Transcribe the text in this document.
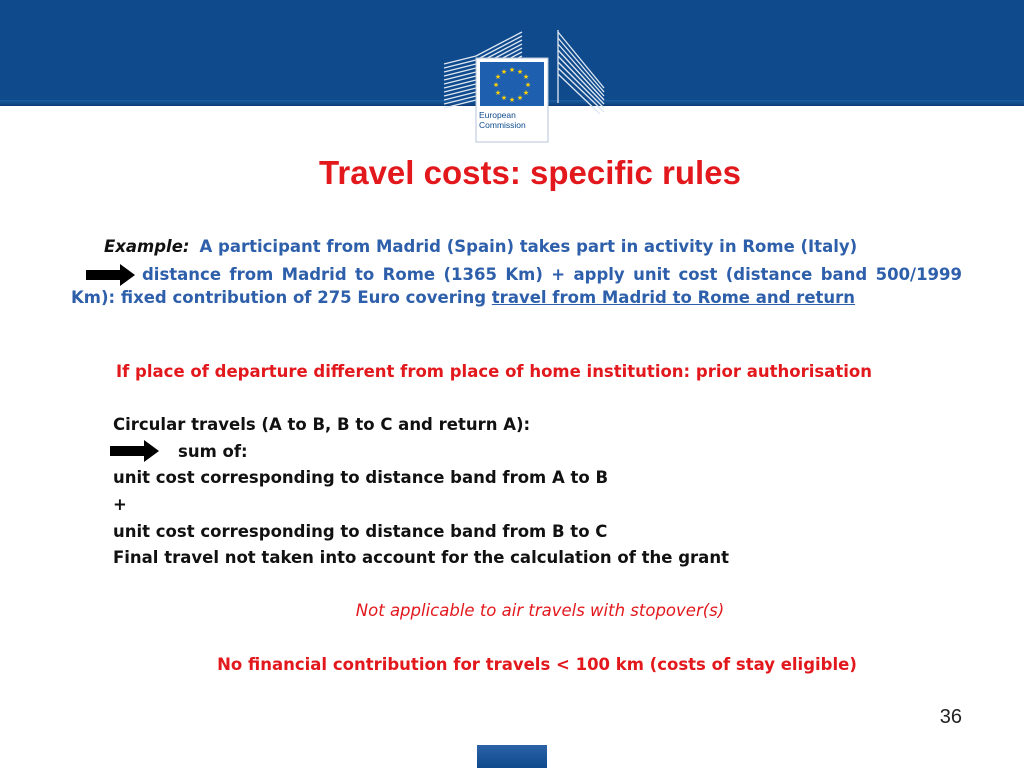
★ ★
★
★
★
★
★
★
★
★
★
★
European
Commission
Travel costs: specific rules
Example: A participant from Madrid (Spain) takes part in activity in Rome (Italy)
distance from Madrid to Rome (1365 Km) + apply unit cost (distance band 500/1999 Km): fixed contribution of 275 Euro covering travel from Madrid to Rome and return
If place of departure different from place of home institution: prior authorisation
Circular travels (A to B, B to C and return A):
sum of:
unit cost corresponding to distance band from A to B
+
unit cost corresponding to distance band from B to C
Final travel not taken into account for the calculation of the grant
Not applicable to air travels with stopover(s)
No financial contribution for travels < 100 km (costs of stay eligible)
36
